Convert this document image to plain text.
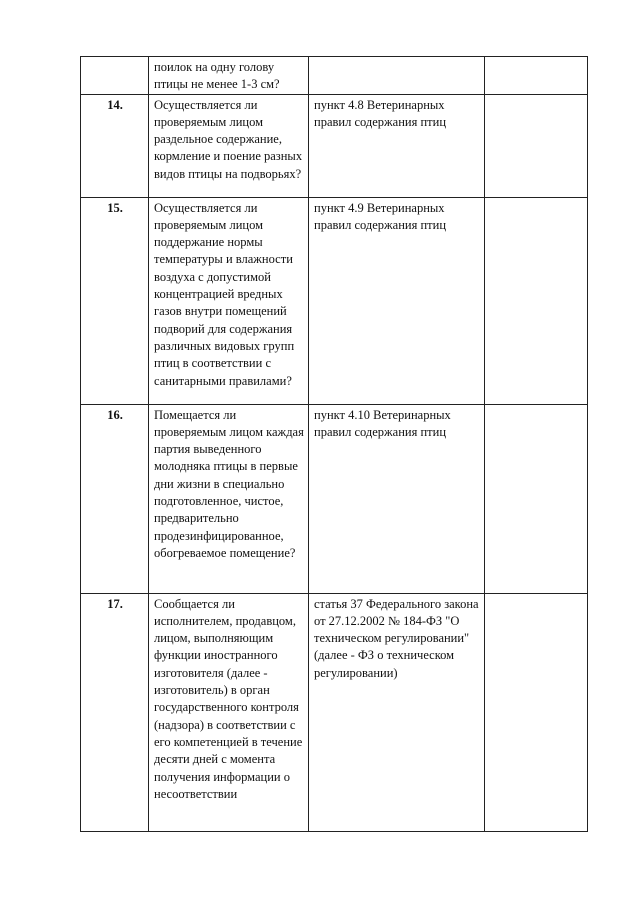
	поилок на одну голову птицы не менее 1-3 см?		
14.	Осуществляется ли проверяемым лицом раздельное содержание, кормление и поение разных видов птицы на подворьях?	пункт 4.8 Ветеринарных правил содержания птиц	
15.	Осуществляется ли проверяемым лицом поддержание нормы температуры и влажности воздуха с допустимой концентрацией вредных газов внутри помещений подворий для содержания различных видовых групп птиц в соответствии с санитарными правилами?	пункт 4.9 Ветеринарных правил содержания птиц	
16.	Помещается ли проверяемым лицом каждая партия выведенного молодняка птицы в первые дни жизни в специально подготовленное, чистое, предварительно продезинфицированное, обогреваемое помещение?	пункт 4.10 Ветеринарных правил содержания птиц	
17.	Сообщается ли исполнителем, продавцом, лицом, выполняющим функции иностранного изготовителя (далее - изготовитель) в орган государственного контроля (надзора) в соответствии с его компетенцией в течение десяти дней с момента получения информации о несоответствии	статья 37 Федерального закона от 27.12.2002 № 184-ФЗ "О техническом регулировании"(далее - ФЗ о техническом регулировании)	
